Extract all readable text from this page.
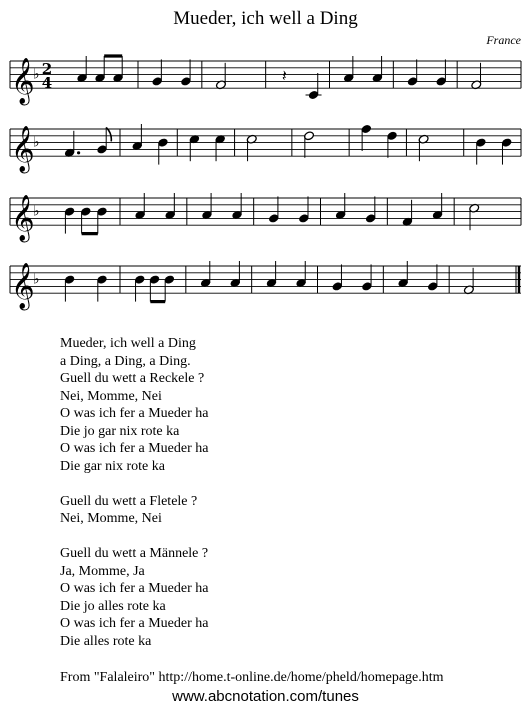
Mueder, ich well a Ding
France
𝄞
♭ 2
4	𝄽
𝄞
♭
𝄞
♭
𝄞
♭
Mueder, ich well a Ding
a Ding, a Ding, a Ding.
Guell du wett a Reckele ?
Nei, Momme, Nei
O was ich fer a Mueder ha
Die jo gar nix rote ka
O was ich fer a Mueder ha
Die gar nix rote ka
Guell du wett a Fletele ?
Nei, Momme, Nei
Guell du wett a Männele ?
Ja, Momme, Ja
O was ich fer a Mueder ha
Die jo alles rote ka
O was ich fer a Mueder ha
Die alles rote ka
From "Falaleiro" http://home.t-online.de/home/pheld/homepage.htm
www.abcnotation.com/tunes
